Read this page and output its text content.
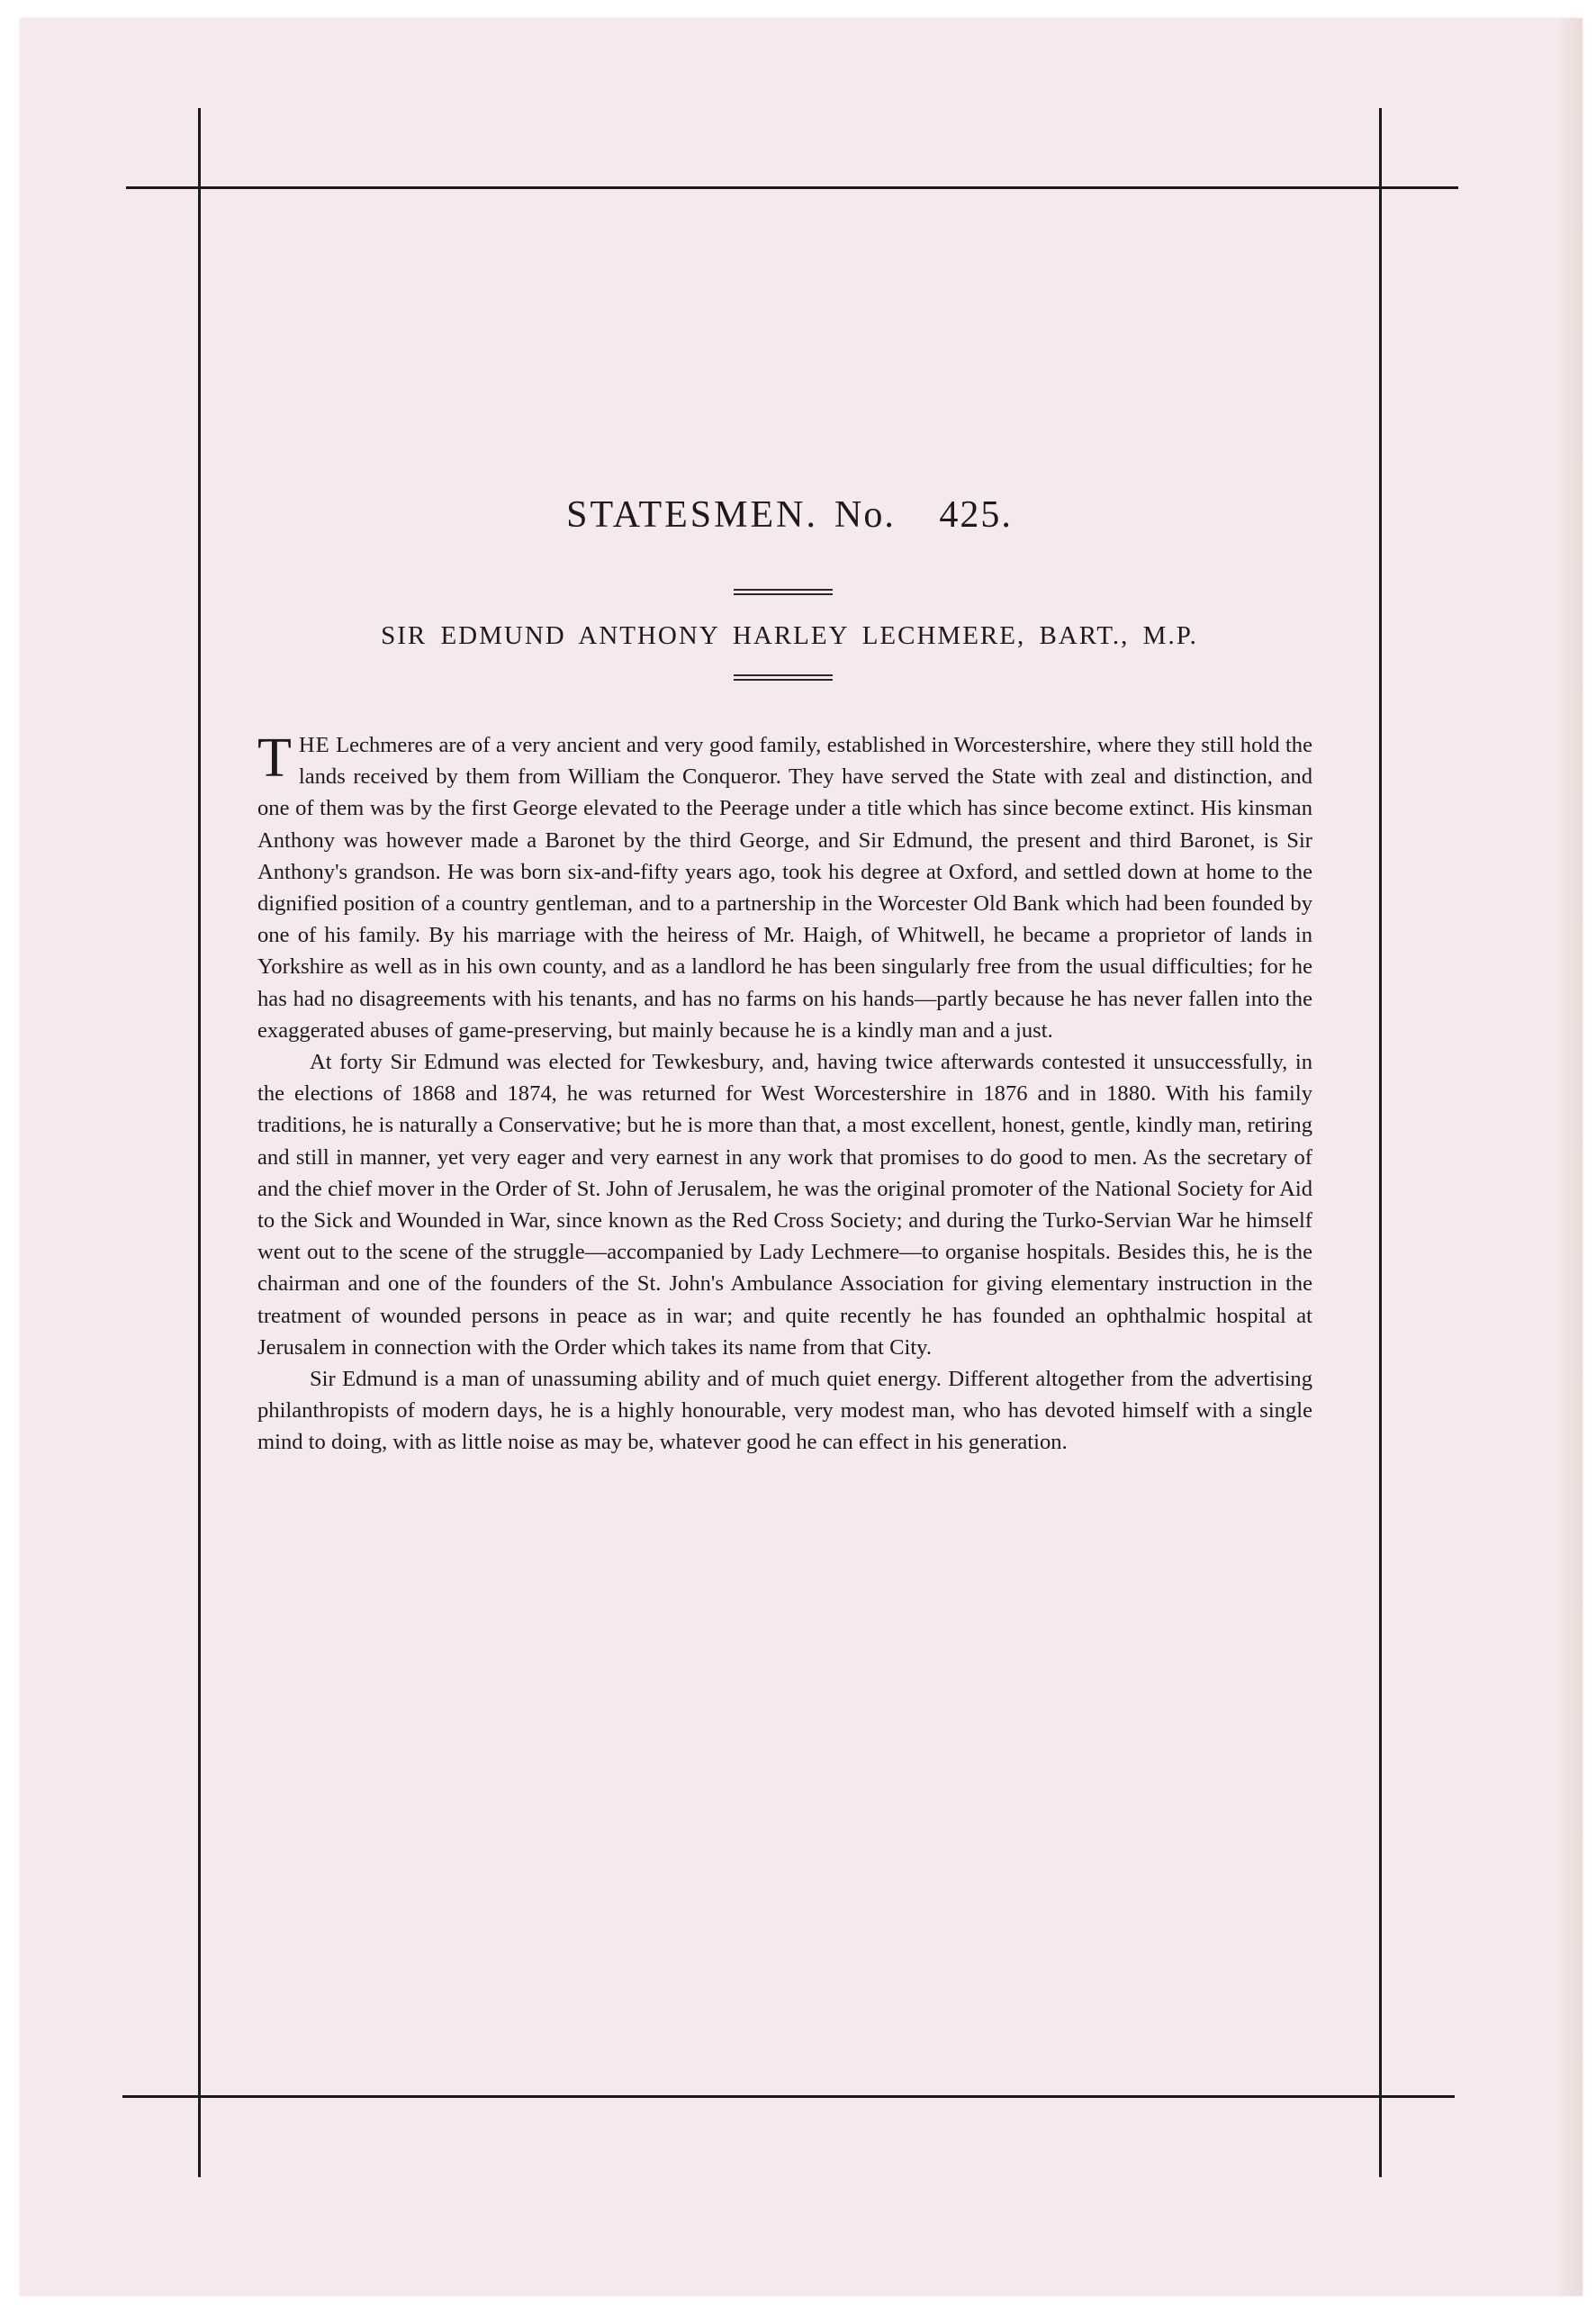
STATESMEN. No. 425.
SIR EDMUND ANTHONY HARLEY LECHMERE, BART., M.P.

THE Lechmeres are of a very ancient and very good family, established in Worcestershire, where they still hold the lands received by them from William the Conqueror. They have served the State with zeal and distinction, and one of them was by the first George elevated to the Peerage under a title which has since become extinct. His kinsman Anthony was however made a Baronet by the third George, and Sir Edmund, the present and third Baronet, is Sir Anthony's grandson. He was born six-and-fifty years ago, took his degree at Oxford, and settled down at home to the dignified position of a country gentleman, and to a partnership in the Worcester Old Bank which had been founded by one of his family. By his marriage with the heiress of Mr. Haigh, of Whitwell, he became a proprietor of lands in Yorkshire as well as in his own county, and as a landlord he has been singularly free from the usual difficulties; for he has had no disagreements with his tenants, and has no farms on his hands—partly because he has never fallen into the exaggerated abuses of game-preserving, but mainly because he is a kindly man and a just.

At forty Sir Edmund was elected for Tewkesbury, and, having twice afterwards contested it unsuccessfully, in the elections of 1868 and 1874, he was returned for West Worcestershire in 1876 and in 1880. With his family traditions, he is naturally a Conservative; but he is more than that, a most excellent, honest, gentle, kindly man, retiring and still in manner, yet very eager and very earnest in any work that promises to do good to men. As the secretary of and the chief mover in the Order of St. John of Jerusalem, he was the original promoter of the National Society for Aid to the Sick and Wounded in War, since known as the Red Cross Society; and during the Turko-Servian War he himself went out to the scene of the struggle—accompanied by Lady Lechmere—to organise hospitals. Besides this, he is the chairman and one of the founders of the St. John's Ambulance Association for giving elementary instruction in the treatment of wounded persons in peace as in war; and quite recently he has founded an ophthalmic hospital at Jerusalem in connection with the Order which takes its name from that City.

Sir Edmund is a man of unassuming ability and of much quiet energy. Different altogether from the advertising philanthropists of modern days, he is a highly honourable, very modest man, who has devoted himself with a single mind to doing, with as little noise as may be, whatever good he can effect in his generation.
